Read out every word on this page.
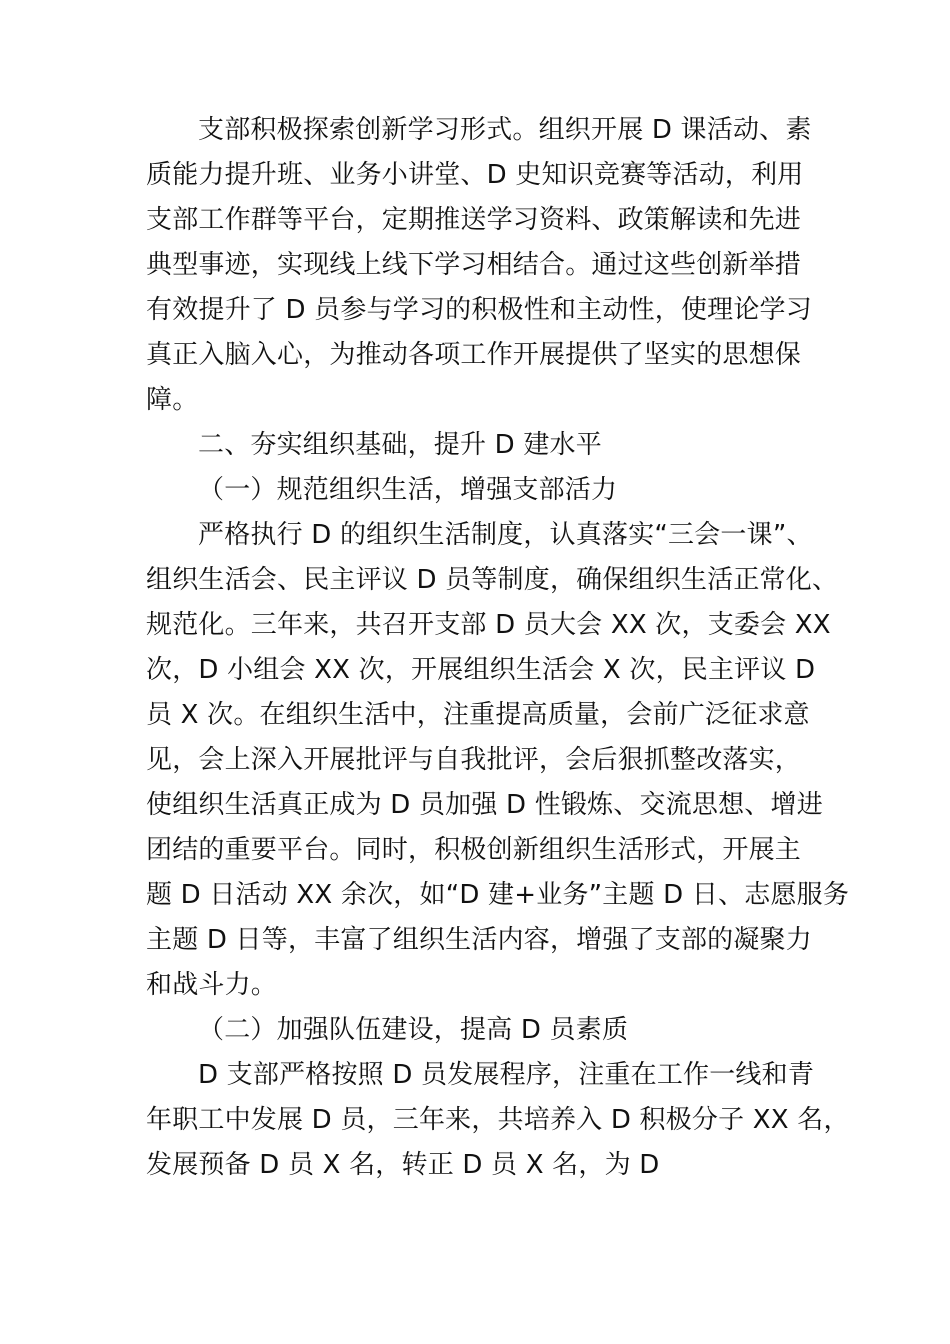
支部积极探索创新学习形式。组织开展 D 课活动、素
质能力提升班、业务小讲堂、D 史知识竞赛等活动，利用
支部工作群等平台，定期推送学习资料、政策解读和先进
典型事迹，实现线上线下学习相结合。通过这些创新举措
有效提升了 D 员参与学习的积极性和主动性，使理论学习
真正入脑入心，为推动各项工作开展提供了坚实的思想保
障。
二、夯实组织基础，提升 D 建水平
（一）规范组织生活，增强支部活力
严格执行 D 的组织生活制度，认真落实“三会一课”、
组织生活会、民主评议 D 员等制度，确保组织生活正常化、
规范化。三年来，共召开支部 D 员大会 XX 次，支委会 XX
次，D 小组会 XX 次，开展组织生活会 X 次，民主评议 D
员 X 次。在组织生活中，注重提高质量，会前广泛征求意
见，会上深入开展批评与自我批评，会后狠抓整改落实，
使组织生活真正成为 D 员加强 D 性锻炼、交流思想、增进
团结的重要平台。同时，积极创新组织生活形式，开展主
题 D 日活动 XX 余次，如“D 建+业务”主题 D 日、志愿服务
主题 D 日等，丰富了组织生活内容，增强了支部的凝聚力
和战斗力。
（二）加强队伍建设，提高 D 员素质
D 支部严格按照 D 员发展程序，注重在工作一线和青
年职工中发展 D 员，三年来，共培养入 D 积极分子 XX 名，
发展预备 D 员 X 名，转正 D 员 X 名，为 D
